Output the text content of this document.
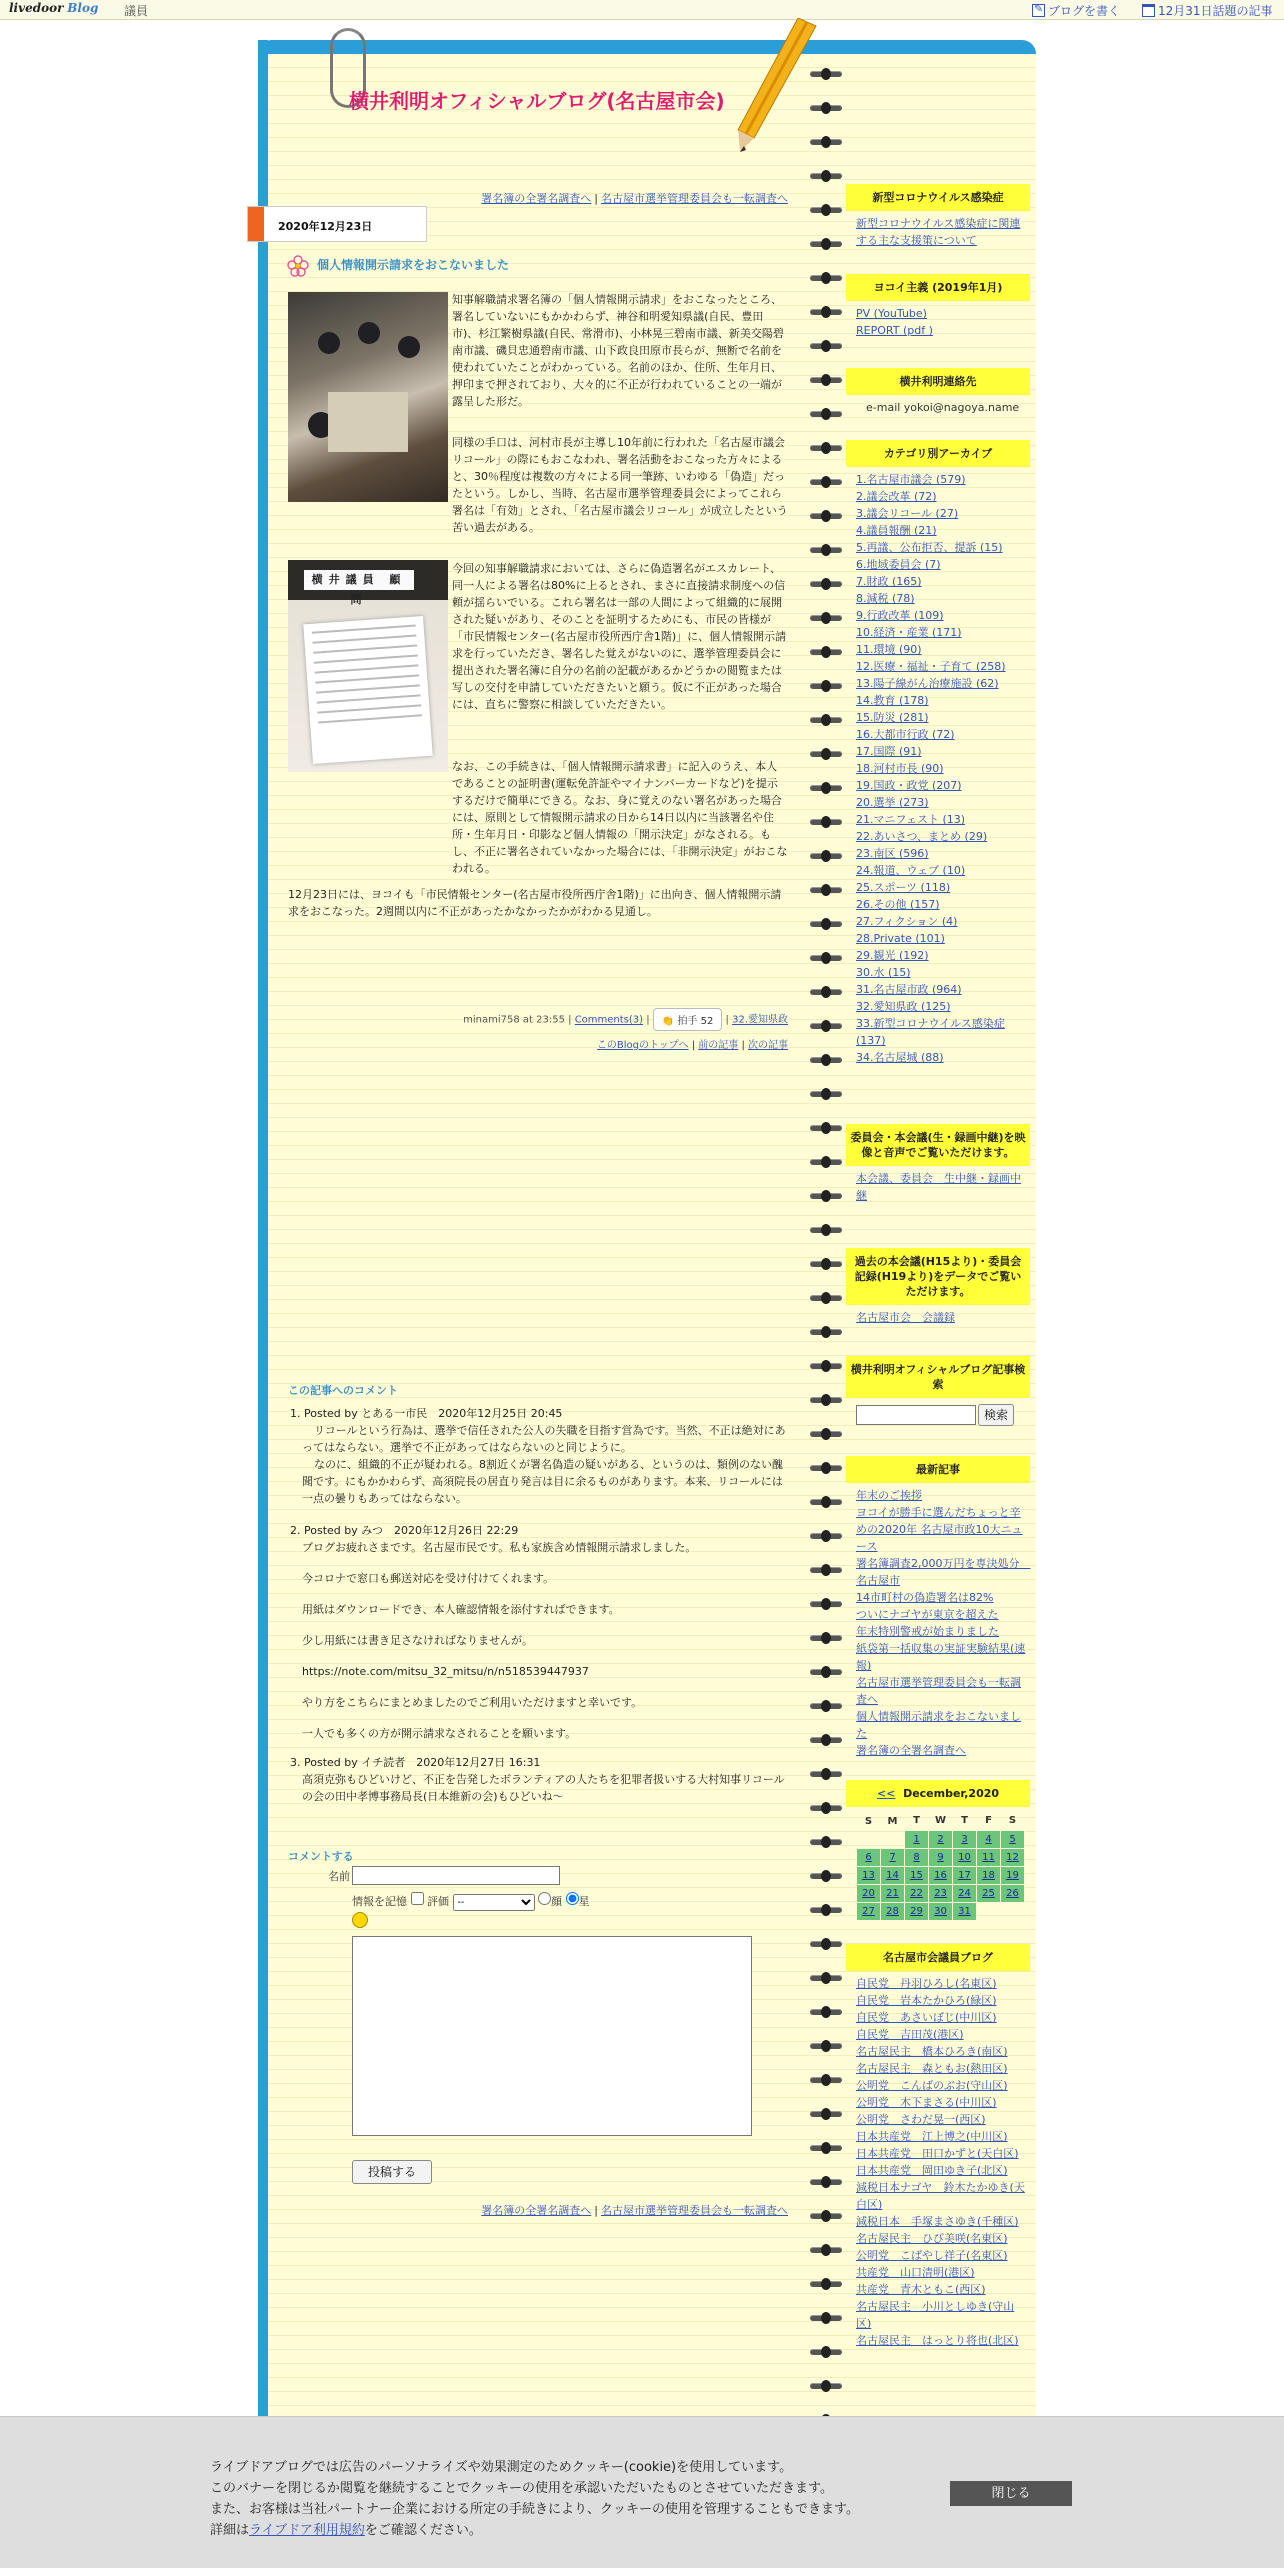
livedoor Blog 議員 ✎	ブログを書く	12月31日話題の記事
横井利明オフィシャルブログ(名古屋市会)
署名簿の全署名調査へ | 名古屋市選挙管理委員会も一転調査へ
2020年12月23日
個人情報開示請求をおこないました
横井議員 顧問
知事解職請求署名簿の「個人情報開示請求」をおこなったところ、署名していないにもかかわらず、神谷和明愛知県議(自民、豊田市)、杉江繁樹県議(自民、常滑市)、小林晃三碧南市議、新美交陽碧南市議、磯貝忠通碧南市議、山下政良田原市長らが、無断で名前を使われていたことがわかっている。名前のほか、住所、生年月日、押印まで押されており、大々的に不正が行われていることの一端が露呈した形だ。
同様の手口は、河村市長が主導し10年前に行われた「名古屋市議会リコール」の際にもおこなわれ、署名活動をおこなった方々によると、30％程度は複数の方々による同一筆跡、いわゆる「偽造」だったという。しかし、当時、名古屋市選挙管理委員会によってこれら署名は「有効」とされ、「名古屋市議会リコール」が成立したという苦い過去がある。
今回の知事解職請求においては、さらに偽造署名がエスカレート、同一人による署名は80%に上るとされ、まさに直接請求制度への信頼が揺らいでいる。これら署名は一部の人間によって組織的に展開された疑いがあり、そのことを証明するためにも、市民の皆様が「市民情報センター(名古屋市役所西庁舎1階)」に、個人情報開示請求を行っていただき、署名した覚えがないのに、選挙管理委員会に提出された署名簿に自分の名前の記載があるかどうかの閲覧または写しの交付を申請していただきたいと願う。仮に不正があった場合には、直ちに警察に相談していただきたい。
なお、この手続きは、「個人情報開示請求書」に記入のうえ、本人であることの証明書(運転免許証やマイナンバーカードなど)を提示するだけで簡単にできる。なお、身に覚えのない署名があった場合には、原則として情報開示請求の日から14日以内に当該署名や住所・生年月日・印影など個人情報の「開示決定」がなされる。もし、不正に署名されていなかった場合には、「非開示決定」がおこなわれる。
12月23日には、ヨコイも「市民情報センター(名古屋市役所西庁舎1階)」に出向き、個人情報開示請求をおこなった。2週間以内に不正があったかなかったかがわかる見通し。
minami758 at 23:55 | Comments(3) | 👏 拍手 52 | 32.愛知県政
このBlogのトップへ | 前の記事 | 次の記事
この記事へのコメント
1. Posted by とある一市民　2020年12月25日 20:45

リコールという行為は、選挙で信任された公人の失職を目指す営為です。当然、不正は絶対にあってはならない。選挙で不正があってはならないのと同じように。

なのに、組織的不正が疑われる。8割近くが署名偽造の疑いがある、というのは、類例のない醜聞です。にもかかわらず、高須院長の居直り発言は目に余るものがあります。本来、リコールには一点の曇りもあってはならない。

2. Posted by みつ　2020年12月26日 22:29

ブログお疲れさまです。名古屋市民です。私も家族含め情報開示請求しました。

今コロナで窓口も郵送対応を受け付けてくれます。

用紙はダウンロードでき、本人確認情報を添付すればできます。

少し用紙には書き足さなければなりませんが。

https://note.com/mitsu_32_mitsu/n/n518539447937

やり方をこちらにまとめましたのでご利用いただけますと幸いです。

一人でも多くの方が開示請求なされることを願います。

3. Posted by イチ読者　2020年12月27日 16:31

高須克弥もひどいけど、不正を告発したボランティアの人たちを犯罪者扱いする大村知事リコールの会の田中孝博事務局長(日本維新の会)もひどいね～

コメントする
名前
情報を記憶 評価
--	顔 星
投稿する
署名簿の全署名調査へ | 名古屋市選挙管理委員会も一転調査へ
新型コロナウイルス感染症
新型コロナウイルス感染症に関連する主な支援策について
ヨコイ主義 (2019年1月)
PV (YouTube)
REPORT (pdf )
横井利明連絡先
e-mail yokoi@nagoya.name
カテゴリ別アーカイブ
1.名古屋市議会 (579)
2.議会改革 (72)
3.議会リコール (27)
4.議員報酬 (21)
5.再議、公布拒否、提訴 (15)
6.地域委員会 (7)
7.財政 (165)
8.減税 (78)
9.行政改革 (109)
10.経済・産業 (171)
11.環境 (90)
12.医療・福祉・子育て (258)
13.陽子線がん治療施設 (62)
14.教育 (178)
15.防災 (281)
16.大都市行政 (72)
17.国際 (91)
18.河村市長 (90)
19.国政・政党 (207)
20.選挙 (273)
21.マニフェスト (13)
22.あいさつ、まとめ (29)
23.南区 (596)
24.報道、ウェブ (10)
25.スポーツ (118)
26.その他 (157)
27.フィクション (4)
28.Private (101)
29.観光 (192)
30.水 (15)
31.名古屋市政 (964)
32.愛知県政 (125)
33.新型コロナウイルス感染症 (137)
34.名古屋城 (88)
委員会・本会議(生・録画中継)を映像と音声でご覧いただけます。
本会議、委員会　生中継・録画中継
過去の本会議(H15より)・委員会記録(H19より)をデータでご覧いただけます。
名古屋市会　会議録
横井利明オフィシャルブログ記事検索
検索
最新記事
年末のご挨拶
ヨコイが勝手に選んだちょっと辛めの2020年 名古屋市政10大ニュース
署名簿調査2,000万円を専決処分　名古屋市
14市町村の偽造署名は82%
ついにナゴヤが東京を超えた
年末特別警戒が始まりました
紙袋第一括収集の実証実験結果(速報)
名古屋市選挙管理委員会も一転調査へ
個人情報開示請求をおこないました
署名簿の全署名調査へ
<< December,2020
S	M	T	W	T	F	S
		1	2	3	4	5
6	7	8	9	10	11	12
13	14	15	16	17	18	19
20	21	22	23	24	25	26
27	28	29	30	31		
名古屋市会議員ブログ
自民党　丹羽ひろし(名東区)
自民党　岩本たかひろ(緑区)
自民党　あさいぼじ(中川区)
自民党　吉田茂(港区)
名古屋民主　橋本ひろき(南区)
名古屋民主　森ともお(熱田区)
公明党　こんばのぶお(守山区)
公明党　木下まさる(中川区)
公明党　さわだ晃一(西区)
日本共産党　江上博之(中川区)
日本共産党　田口かずと(天白区)
日本共産党　岡田ゆき子(北区)
減税日本ナゴヤ　鈴木たかゆき(天白区)
減税日本　手塚まさゆき(千種区)
名古屋民主　ひび美咲(名東区)
公明党　こばやし祥子(名東区)
共産党　山口清明(港区)
共産党　青木ともこ(西区)
名古屋民主　小川としゆき(守山区)
名古屋民主　はっとり将也(北区)
ライブドアブログでは広告のパーソナライズや効果測定のためクッキー(cookie)を使用しています。
このバナーを閉じるか閲覧を継続することでクッキーの使用を承認いただいたものとさせていただきます。
また、お客様は当社パートナー企業における所定の手続きにより、クッキーの使用を管理することもできます。
詳細はライブドア利用規約をご確認ください。
閉じる
